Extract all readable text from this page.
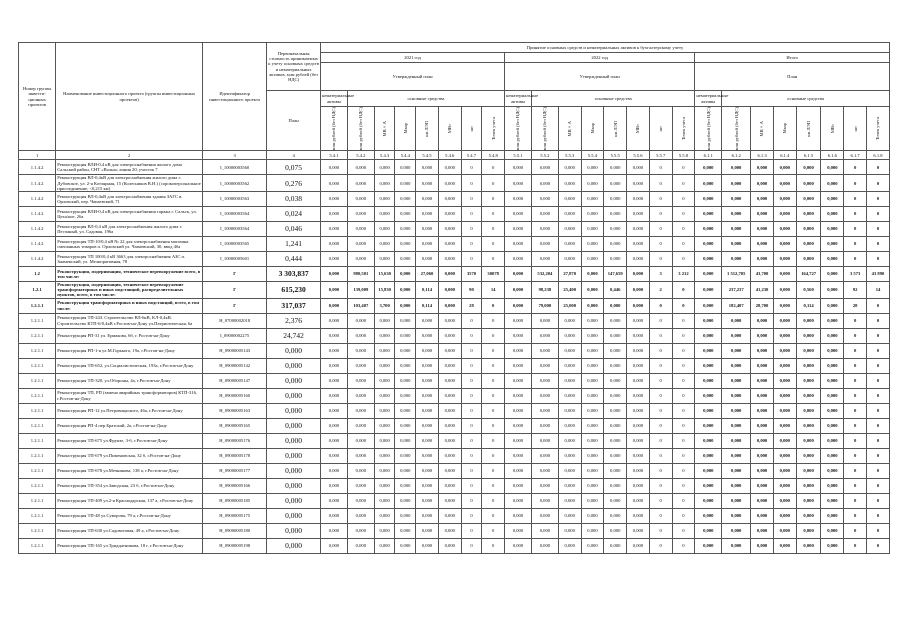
Номер группы инвести-ционных проектов	Наименование инвестиционного проекта (группы инвестиционных проектов)	Идентификатор инвестиционного проекта	Первоначальная стоимость принимаемых к учету основных средств и нематериальных активов, млн рублей (без НДС)	Принятие основных средств и нематериальных активов к бухгалтерскому учету																							
				2021 год								2022 год								Итого							
				Утвержденный план								Утвержденный план								План							
			План	нематериальные активы	основные средства							нематериальные активы	основные средства							нематериальные активы	основные средства						

				млн рублей (без НДС)	млн рублей (без НДС)	МВ×А	Мвар	км ЛЭП	МВт	шт	Точек учета	млн рублей (без НДС)	млн рублей (без НДС)	МВ×А	Мвар	км ЛЭП	МВт	шт	Точек учета	млн рублей (без НДС)	млн рублей (без НДС)	МВ×А	Мвар	км ЛЭП	МВт	шт	Точек учета

1	2	3	4	5.4.1	5.4.2	5.4.3	5.4.4	5.4.5	5.4.6	5.4.7	5.4.8	5.5.1	5.5.2	5.5.3	5.5.4	5.5.5	5.5.6	5.5.7	5.5.8	6.1.1	6.1.2	6.1.3	6.1.4	6.1.5	6.1.6	6.1.7	6.1.8
1.1.4.2	Реконструкция ВЛИ-0,4 кВ для электроснабжения жилого дома Сальский район, СНТ «Волна» линия 20, участок 7	I_10000003560	0,075	0,000	0,000	0,000	0,000	0,000	0,000	0	0	0,000	0,000	0,000	0,000	0,000	0,000	0	0	0,000	0,000	0,000	0,000	0,000	0,000	0	0
1.1.4.2	Реконструкция ВЛ-0,4кВ для электроснабжения жилого дома г. Дубовское, ул. 2-я Котлярная, 15 (Колесников В.Н.) (сорокоперсональное присоединение, <0,215 км)	I_10000003562	0,276	0,000	0,000	0,000	0,000	0,000	0,000	0	0	0,000	0,000	0,000	0,000	0,000	0,000	0	0	0,000	0,000	0,000	0,000	0,000	0,000	0	0
1.1.4.2	Реконструкция ВЛ-0,4кВ для электроснабжения здания ЗАГС в. Орловский, пер. Чапаевский, 71	I_10000003563	0,038	0,000	0,000	0,000	0,000	0,000	0,000	0	0	0,000	0,000	0,000	0,000	0,000	0,000	0	0	0,000	0,000	0,000	0,000	0,000	0,000	0	0
1.1.4.2	Реконструкция ВЛИ-0,4 кВ для электроснабжения гаража г. Сальск, ул. Цеха/кое, 26а	I_10000003564	0,024	0,000	0,000	0,000	0,000	0,000	0,000	0	0	0,000	0,000	0,000	0,000	0,000	0,000	0	0	0,000	0,000	0,000	0,000	0,000	0,000	0	0
1.1.4.2	Реконструкция ВЛ-0,4 кВ для электроснабжения жилого дома г. Песчаный, ул. Садовая, 196а	I_10000003564	0,046	0,000	0,000	0,000	0,000	0,000	0,000	0	0	0,000	0,000	0,000	0,000	0,000	0,000	0	0	0,000	0,000	0,000	0,000	0,000	0,000	0	0
1.1.4.2	Реконструкция ТП-10/0,4 кВ № 22 для электроснабжения магазина смешанных товаров п. Орловский ул. Чапаевский, 30, ввод 4ба	I_10000003565	1,241	0,000	0,000	0,000	0,000	0,000	0,000	0	0	0,000	0,000	0,000	0,000	0,000	0,000	0	0	0,000	0,000	0,000	0,000	0,000	0,000	0	0
1.1.4.2	Реконструкция ТП 100/0,4 кВ 3663 для электроснабжения АЗС п. Знаменский, ул. Мелиоративная, 78	I_10000005601	0,444	0,000	0,000	0,000	0,000	0,000	0,000	0	0	0,000	0,000	0,000	0,000	0,000	0,000	0	0	0,000	0,000	0,000	0,000	0,000	0,000	0	0
1.2	Реконструкция, модернизация, техническое перевооружение всего, в том числе:	Г	3 303,837	0,000	980,501	15,630	0,000	27,060	0,000	3570	30078	0,000	532,204	27,870	0,000	147,659	0,000	3	3 212	0,000	1 512,705	43,700	0,000	164,727	0,000	3 573	43 890
1.2.1	Реконструкция, модернизация, техническое перевооружение трансформаторных и иных подстанций, распределительных пунктов, всего, в том числе:	Г	615,230	0,000	139,009	15,830	0,000	0,114	0,000	90	14	0,000	98,238	25,400	0,000	0,446	0,000	2	0	0,000	237,237	41,230	0,000	0,560	0,000	92	14
1.2.1.1	Реконструкция трансформаторных и иных подстанций, всего, в том числе:	Г	317,037	0,000	103,407	3,700	0,000	0,114	0,000	28	0	0,000	79,000	25,000	0,000	0,000	0,000	0	0	0,000	182,407	28,700	0,000	0,114	0,000	28	0
1.2.1.1	Реконструкция ТП-243. Строительство ВЛ-6кВ, КЛ-0,4кВ. Строительство КТП-6/0,4кВ г.Ростов-на-Дону ул.Патриотическая, 6а	H_07000002018	2,376	0,000	0,000	0,000	0,000	0,000	0,000	0	0	0,000	0,000	0,000	0,000	0,000	0,000	0	0	0,000	0,000	0,000	0,000	0,000	0,000	0	0
1.2.1.1	Реконструкция РП-31 ул. Ермакова, 6б, г. Ростов-на-Дону	I_09000002275	24,742	0,000	0,000	0,000	0,000	0,000	0,000	0	0	0,000	0,000	0,000	0,000	0,000	0,000	0	0	0,000	0,000	0,000	0,000	0,000	0,000	0	0
1.2.1.1	Реконструкция РП-1-я ул.М.Горького, 19а, г.Ростов-на-Дону	H_09000005143	0,000	0,000	0,000	0,000	0,000	0,000	0,000	0	0	0,000	0,000	0,000	0,000	0,000	0,000	0	0	0,000	0,000	0,000	0,000	0,000	0,000	0	0
1.2.1.1	Реконструкция ТП-652, ул.Социалистическая, 193а, г.Ростов-на-Дону	H_09000005142	0,000	0,000	0,000	0,000	0,000	0,000	0,000	0	0	0,000	0,000	0,000	0,000	0,000	0,000	0	0	0,000	0,000	0,000	0,000	0,000	0,000	0	0
1.2.1.1	Реконструкция ТП-320, ул.Обороны, 4а, г.Ростов-на-Дону	H_09000005147	0,000	0,000	0,000	0,000	0,000	0,000	0,000	0	0	0,000	0,000	0,000	0,000	0,000	0,000	0	0	0,000	0,000	0,000	0,000	0,000	0,000	0	0
1.2.1.1	Реконструкция ТП, РП (замена аварийных трансформаторов) КТП-316, г.Ростов-на-Дону	H_09000005160	0,000	0,000	0,000	0,000	0,000	0,000	0,000	0	0	0,000	0,000	0,000	0,000	0,000	0,000	0	0	0,000	0,000	0,000	0,000	0,000	0,000	0	0
1.2.1.1	Реконструкция РП-12 ул.Петровицкского, 46а, г.Ростов-на-Дону	H_09000005163	0,000	0,000	0,000	0,000	0,000	0,000	0,000	0	0	0,000	0,000	0,000	0,000	0,000	0,000	0	0	0,000	0,000	0,000	0,000	0,000	0,000	0	0
1.2.1.1	Реконструкция РП-4 пер.Братский, 2а, г.Ростов-на-Дону	H_09000005165	0,000	0,000	0,000	0,000	0,000	0,000	0,000	0	0	0,000	0,000	0,000	0,000	0,000	0,000	0	0	0,000	0,000	0,000	0,000	0,000	0,000	0	0
1.2.1.1	Реконструкция ТП-675 ул.Фрунзе, 3-б, г.Ростов-на-Дону	H_09000005176	0,000	0,000	0,000	0,000	0,000	0,000	0,000	0	0	0,000	0,000	0,000	0,000	0,000	0,000	0	0	0,000	0,000	0,000	0,000	0,000	0,000	0	0
1.2.1.1	Реконструкция ТП-679 ул.Пименовская, 32 б, г.Ростов-на-Дону	H_09000005178	0,000	0,000	0,000	0,000	0,000	0,000	0,000	0	0	0,000	0,000	0,000	0,000	0,000	0,000	0	0	0,000	0,000	0,000	0,000	0,000	0,000	0	0
1.2.1.1	Реконструкция ТП-678 ул.Мечникова, 138 а, г.Ростов-на-Дону	H_09000005177	0,000	0,000	0,000	0,000	0,000	0,000	0,000	0	0	0,000	0,000	0,000	0,000	0,000	0,000	0	0	0,000	0,000	0,000	0,000	0,000	0,000	0	0
1.2.1.1	Реконструкция ТП-354 ул.Заводская, 23 б, г.Ростов-на-Дону	H_09000005166	0,000	0,000	0,000	0,000	0,000	0,000	0,000	0	0	0,000	0,000	0,000	0,000	0,000	0,000	0	0	0,000	0,000	0,000	0,000	0,000	0,000	0	0
1.2.1.1	Реконструкция ТП-409 ул.2-я Краснодарская, 137 а, г.Ростов-на-Дону	H_09000005185	0,000	0,000	0,000	0,000	0,000	0,000	0,000	0	0	0,000	0,000	0,000	0,000	0,000	0,000	0	0	0,000	0,000	0,000	0,000	0,000	0,000	0	0
1.2.1.1	Реконструкция ТП-48 ул.Суворова, 79 а, г.Ростов-на-Дону	H_09000005175	0,000	0,000	0,000	0,000	0,000	0,000	0,000	0	0	0,000	0,000	0,000	0,000	0,000	0,000	0	0	0,000	0,000	0,000	0,000	0,000	0,000	0	0
1.2.1.1	Реконструкция ТП-630 ул.Садовотовая, 49 а, г.Ростов-на-Дону	H_09000005180	0,000	0,000	0,000	0,000	0,000	0,000	0,000	0	0	0,000	0,000	0,000	0,000	0,000	0,000	0	0	0,000	0,000	0,000	0,000	0,000	0,000	0	0
1.2.1.1	Реконструкция ТП-165 ул.Тридцатникова, 18 г, г.Ростов-на-Дону	H_09000005198	0,000	0,000	0,000	0,000	0,000	0,000	0,000	0	0	0,000	0,000	0,000	0,000	0,000	0,000	0	0	0,000	0,000	0,000	0,000	0,000	0,000	0	0
